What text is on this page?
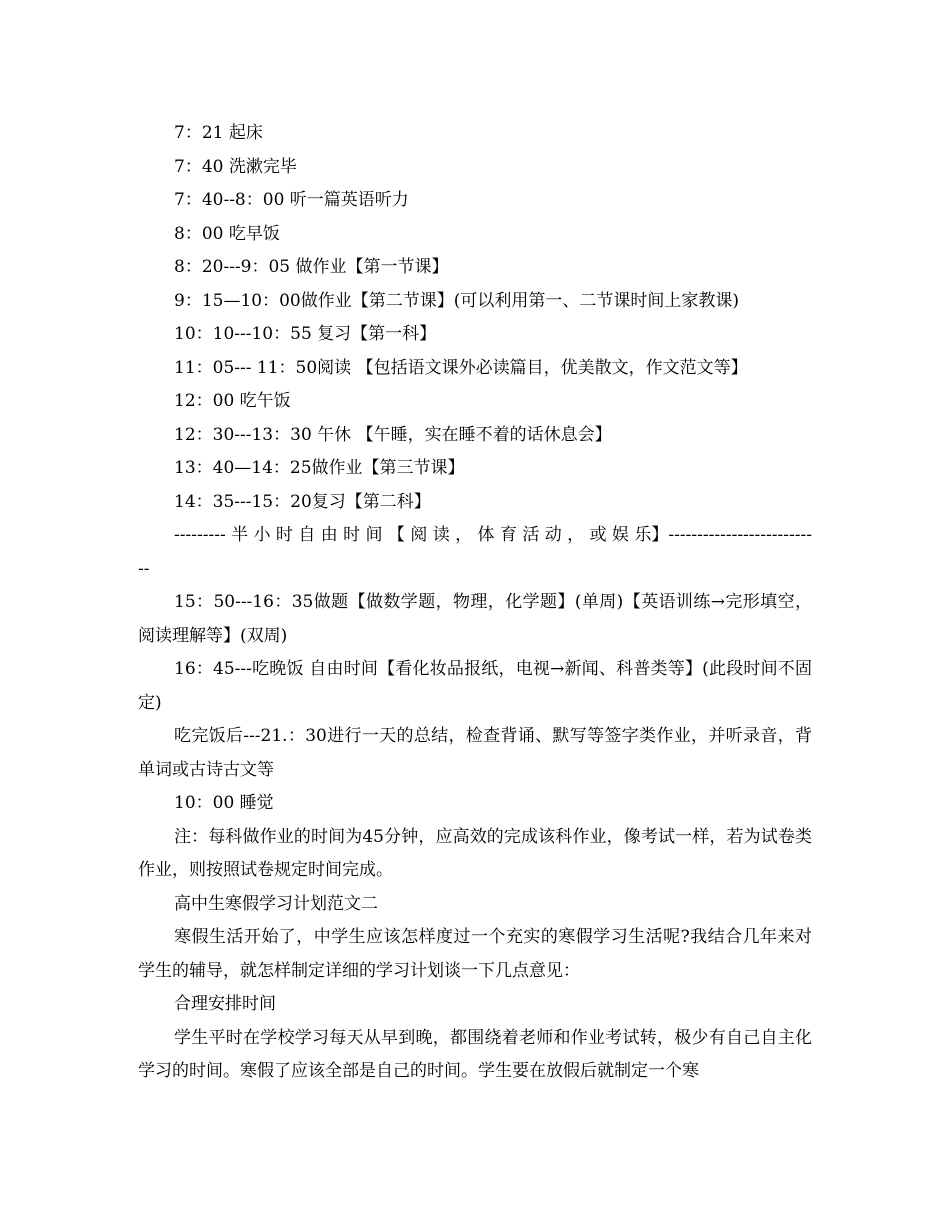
7：21 起床

7：40 洗漱完毕

7：40--8：00 听一篇英语听力

8：00 吃早饭

8：20---9：05 做作业【第一节课】

9：15—10：00做作业【第二节课】(可以利用第一、二节课时间上家教课)

10：10---10：55 复习【第一科】

11：05--- 11：50阅读 【包括语文课外必读篇目，优美散文，作文范文等】

12：00 吃午饭

12：30---13：30 午休 【午睡，实在睡不着的话休息会】

13：40—14：25做作业【第三节课】

14：35---15：20复习【第二科】

--------- 半 小 时 自 由 时 间 【 阅 读 ， 体 育 活 动 ， 或 娱 乐】---------------------------

15：50---16：35做题【做数学题，物理，化学题】(单周)【英语训练→完形填空，阅读理解等】(双周)

16：45---吃晚饭 自由时间【看化妆品报纸，电视→新闻、科普类等】(此段时间不固定)

吃完饭后---21.：30进行一天的总结，检查背诵、默写等签字类作业，并听录音，背单词或古诗古文等

10：00 睡觉

注：每科做作业的时间为45分钟，应高效的完成该科作业，像考试一样，若为试卷类作业，则按照试卷规定时间完成。

高中生寒假学习计划范文二

寒假生活开始了，中学生应该怎样度过一个充实的寒假学习生活呢?我结合几年来对学生的辅导，就怎样制定详细的学习计划谈一下几点意见：

合理安排时间

学生平时在学校学习每天从早到晚，都围绕着老师和作业考试转，极少有自己自主化学习的时间。寒假了应该全部是自己的时间。学生要在放假后就制定一个寒
